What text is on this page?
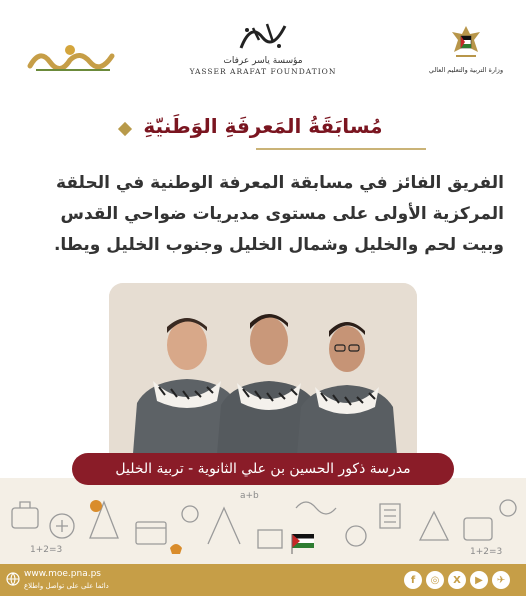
فلسطين
مؤسسة ياسر عرفات
YASSER ARAFAT FOUNDATION	وزارة التربية والتعليم العالي
مُسابَقَةُ المَعرفَةِ الوَطَنيّةِ

الفريق الفائز في مسابقة المعرفة الوطنية في الحلقة المركزية الأولى على مستوى مديريات ضواحي القدس وبيت لحم والخليل وشمال الخليل وجنوب الخليل ويطا.

1+2=3
a+b
1+2=3
مدرسة ذكور الحسين بن علي الثانوية - تربية الخليل
www.moe.pna.ps
دائما على على تواصل واطلاع
f	◎	X	▶	✈
